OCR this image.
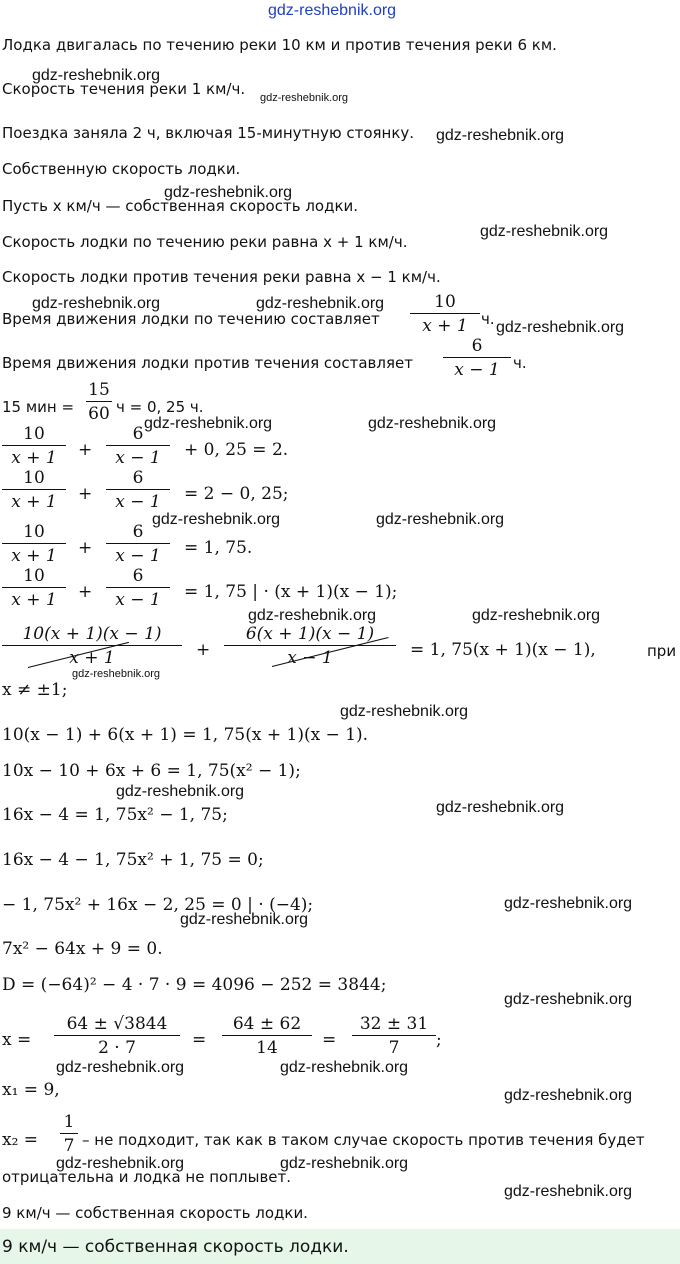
gdz-reshebnik.org
Лодка двигалась по течению реки 10 км и против течения реки 6 км.
Скорость течения реки 1 км/ч.
Поездка заняла 2 ч, включая 15-минутную стоянку.
Собственную скорость лодки.
Пусть x км/ч — собственная скорость лодки.
Скорость лодки по течению реки равна x + 1 км/ч.
Скорость лодки против течения реки равна x − 1 км/ч.
Время движения лодки по течению составляет
10
x + 1 ч.
Время движения лодки против течения составляет
6
x − 1 ч.
15 мин =
15
60 ч = 0, 25 ч.
10
x + 1	+
6
x − 1	+ 0, 25 = 2.
10
x + 1	+
6
x − 1	= 2 − 0, 25;
10
x + 1	+
6
x − 1	= 1, 75.
10
x + 1	+
6
x − 1	= 1, 75 | · (x + 1)(x − 1);
10(x + 1)(x − 1)
x + 1	+
6(x + 1)(x − 1)
x − 1	= 1, 75(x + 1)(x − 1),	при
x ≠ ±1;
10(x − 1) + 6(x + 1) = 1, 75(x + 1)(x − 1).
10x − 10 + 6x + 6 = 1, 75(x² − 1);
16x − 4 = 1, 75x² − 1, 75;
16x − 4 − 1, 75x² + 1, 75 = 0;
− 1, 75x² + 16x − 2, 25 = 0 | · (−4);
7x² − 64x + 9 = 0.
D = (−64)² − 4 · 7 · 9 = 4096 − 252 = 3844;
x =
64 ± √3844
2 · 7	=
64 ± 62
14	=
32 ± 31
7	;
x₁ = 9,
x₂ =
1
7 – не подходит, так как в таком случае скорость против течения будет
отрицательна и лодка не поплывет.
9 км/ч — собственная скорость лодки.
9 км/ч — собственная скорость лодки.
gdz-reshebnik.org
gdz-reshebnik.org
gdz-reshebnik.org
gdz-reshebnik.org
gdz-reshebnik.org
gdz-reshebnik.org	gdz-reshebnik.org
gdz-reshebnik.org
gdz-reshebnik.org	gdz-reshebnik.org
gdz-reshebnik.org	gdz-reshebnik.org
gdz-reshebnik.org	gdz-reshebnik.org
gdz-reshebnik.org
gdz-reshebnik.org
gdz-reshebnik.org
gdz-reshebnik.org
gdz-reshebnik.org
gdz-reshebnik.org
gdz-reshebnik.org
gdz-reshebnik.org	gdz-reshebnik.org
gdz-reshebnik.org
gdz-reshebnik.org	gdz-reshebnik.org
gdz-reshebnik.org
